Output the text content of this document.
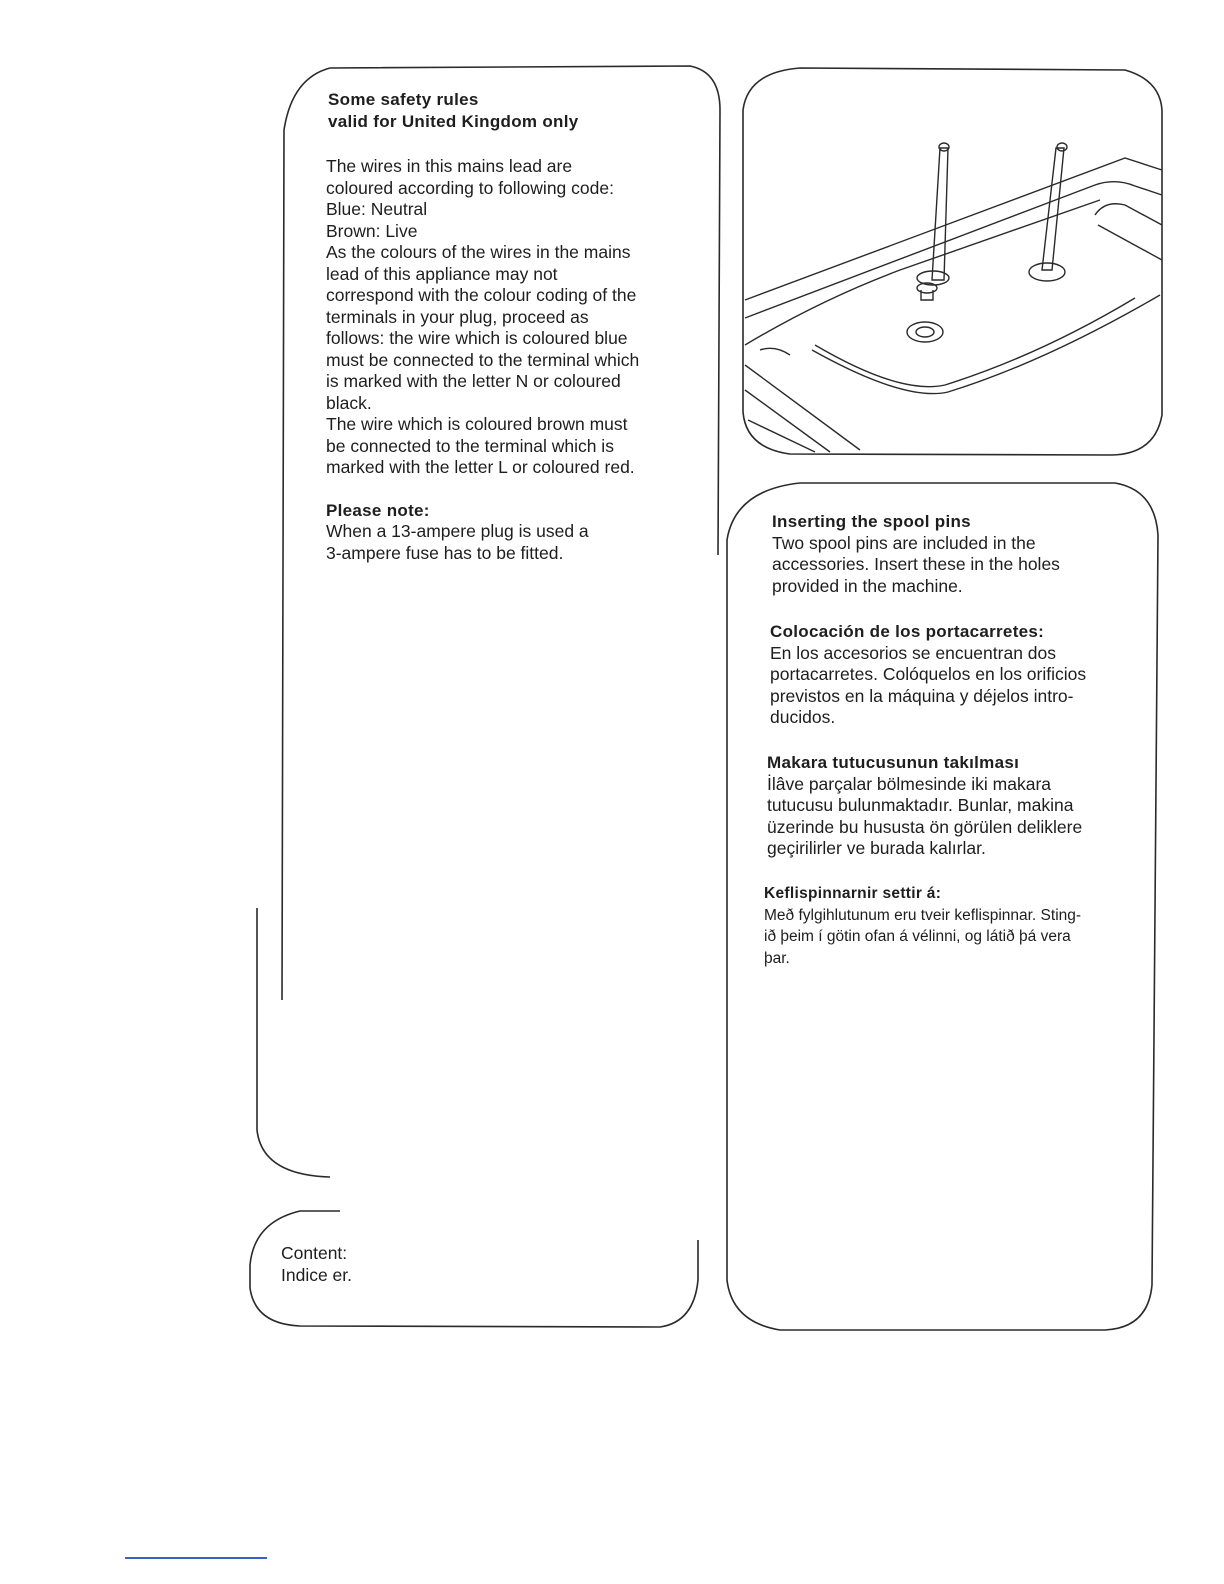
Some safety rules

valid for United Kingdom only

The wires in this mains lead are

coloured according to following code:

Blue: Neutral

Brown: Live

As the colours of the wires in the mains

lead of this appliance may not

correspond with the colour coding of the

terminals in your plug, proceed as

follows: the wire which is coloured blue

must be connected to the terminal which

is marked with the letter N or coloured

black.

The wire which is coloured brown must

be connected to the terminal which is

marked with the letter L or coloured red.

Please note:

When a 13-ampere plug is used a

3-ampere fuse has to be fitted.

Content:

Indice er.

Inserting the spool pins

Two spool pins are included in the

accessories. Insert these in the holes

provided in the machine.

Colocación de los portacarretes:

En los accesorios se encuentran dos

portacarretes. Colóquelos en los orificios

previstos en la máquina y déjelos intro-

ducidos.

Makara tutucusunun takılması

İlâve parçalar bölmesinde iki makara

tutucusu bulunmaktadır. Bunlar, makina

üzerinde bu hususta ön görülen deliklere

geçirilirler ve burada kalırlar.

Keflispinnarnir settir á:

Með fylgihlutunum eru tveir keflispinnar. Sting-

ið þeim í götin ofan á vélinni, og látið þá vera

þar.
